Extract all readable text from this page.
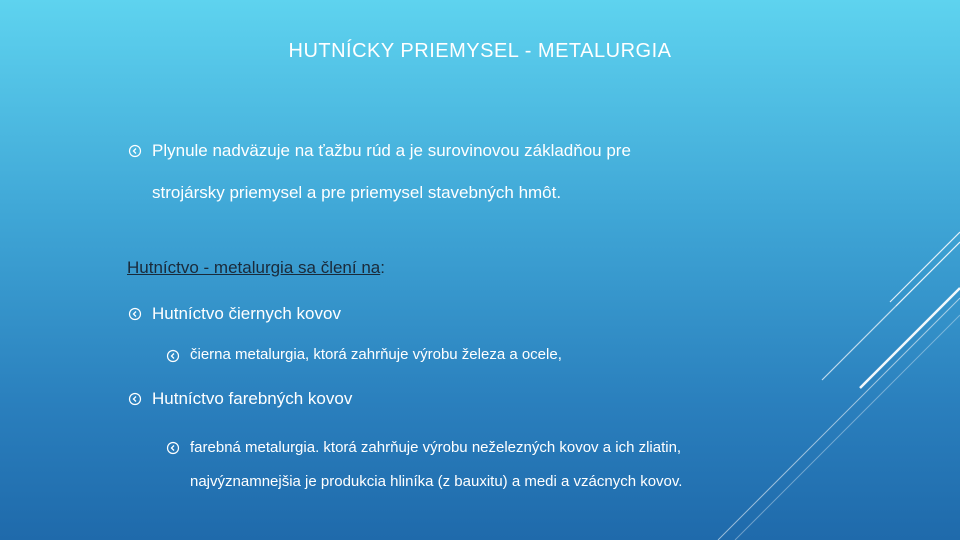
HUTNÍCKY PRIEMYSEL - METALURGIA
Plynule nadväzuje na ťažbu rúd a je surovinovou základňou pre
strojársky priemysel a pre priemysel stavebných hmôt.
Hutníctvo - metalurgia sa člení na:
Hutníctvo čiernych kovov
čierna metalurgia, ktorá zahrňuje výrobu železa a ocele,
Hutníctvo farebných kovov
farebná metalurgia. ktorá zahrňuje výrobu neželezných kovov a ich zliatin,
najvýznamnejšia je produkcia hliníka (z bauxitu) a medi a vzácnych kovov.
